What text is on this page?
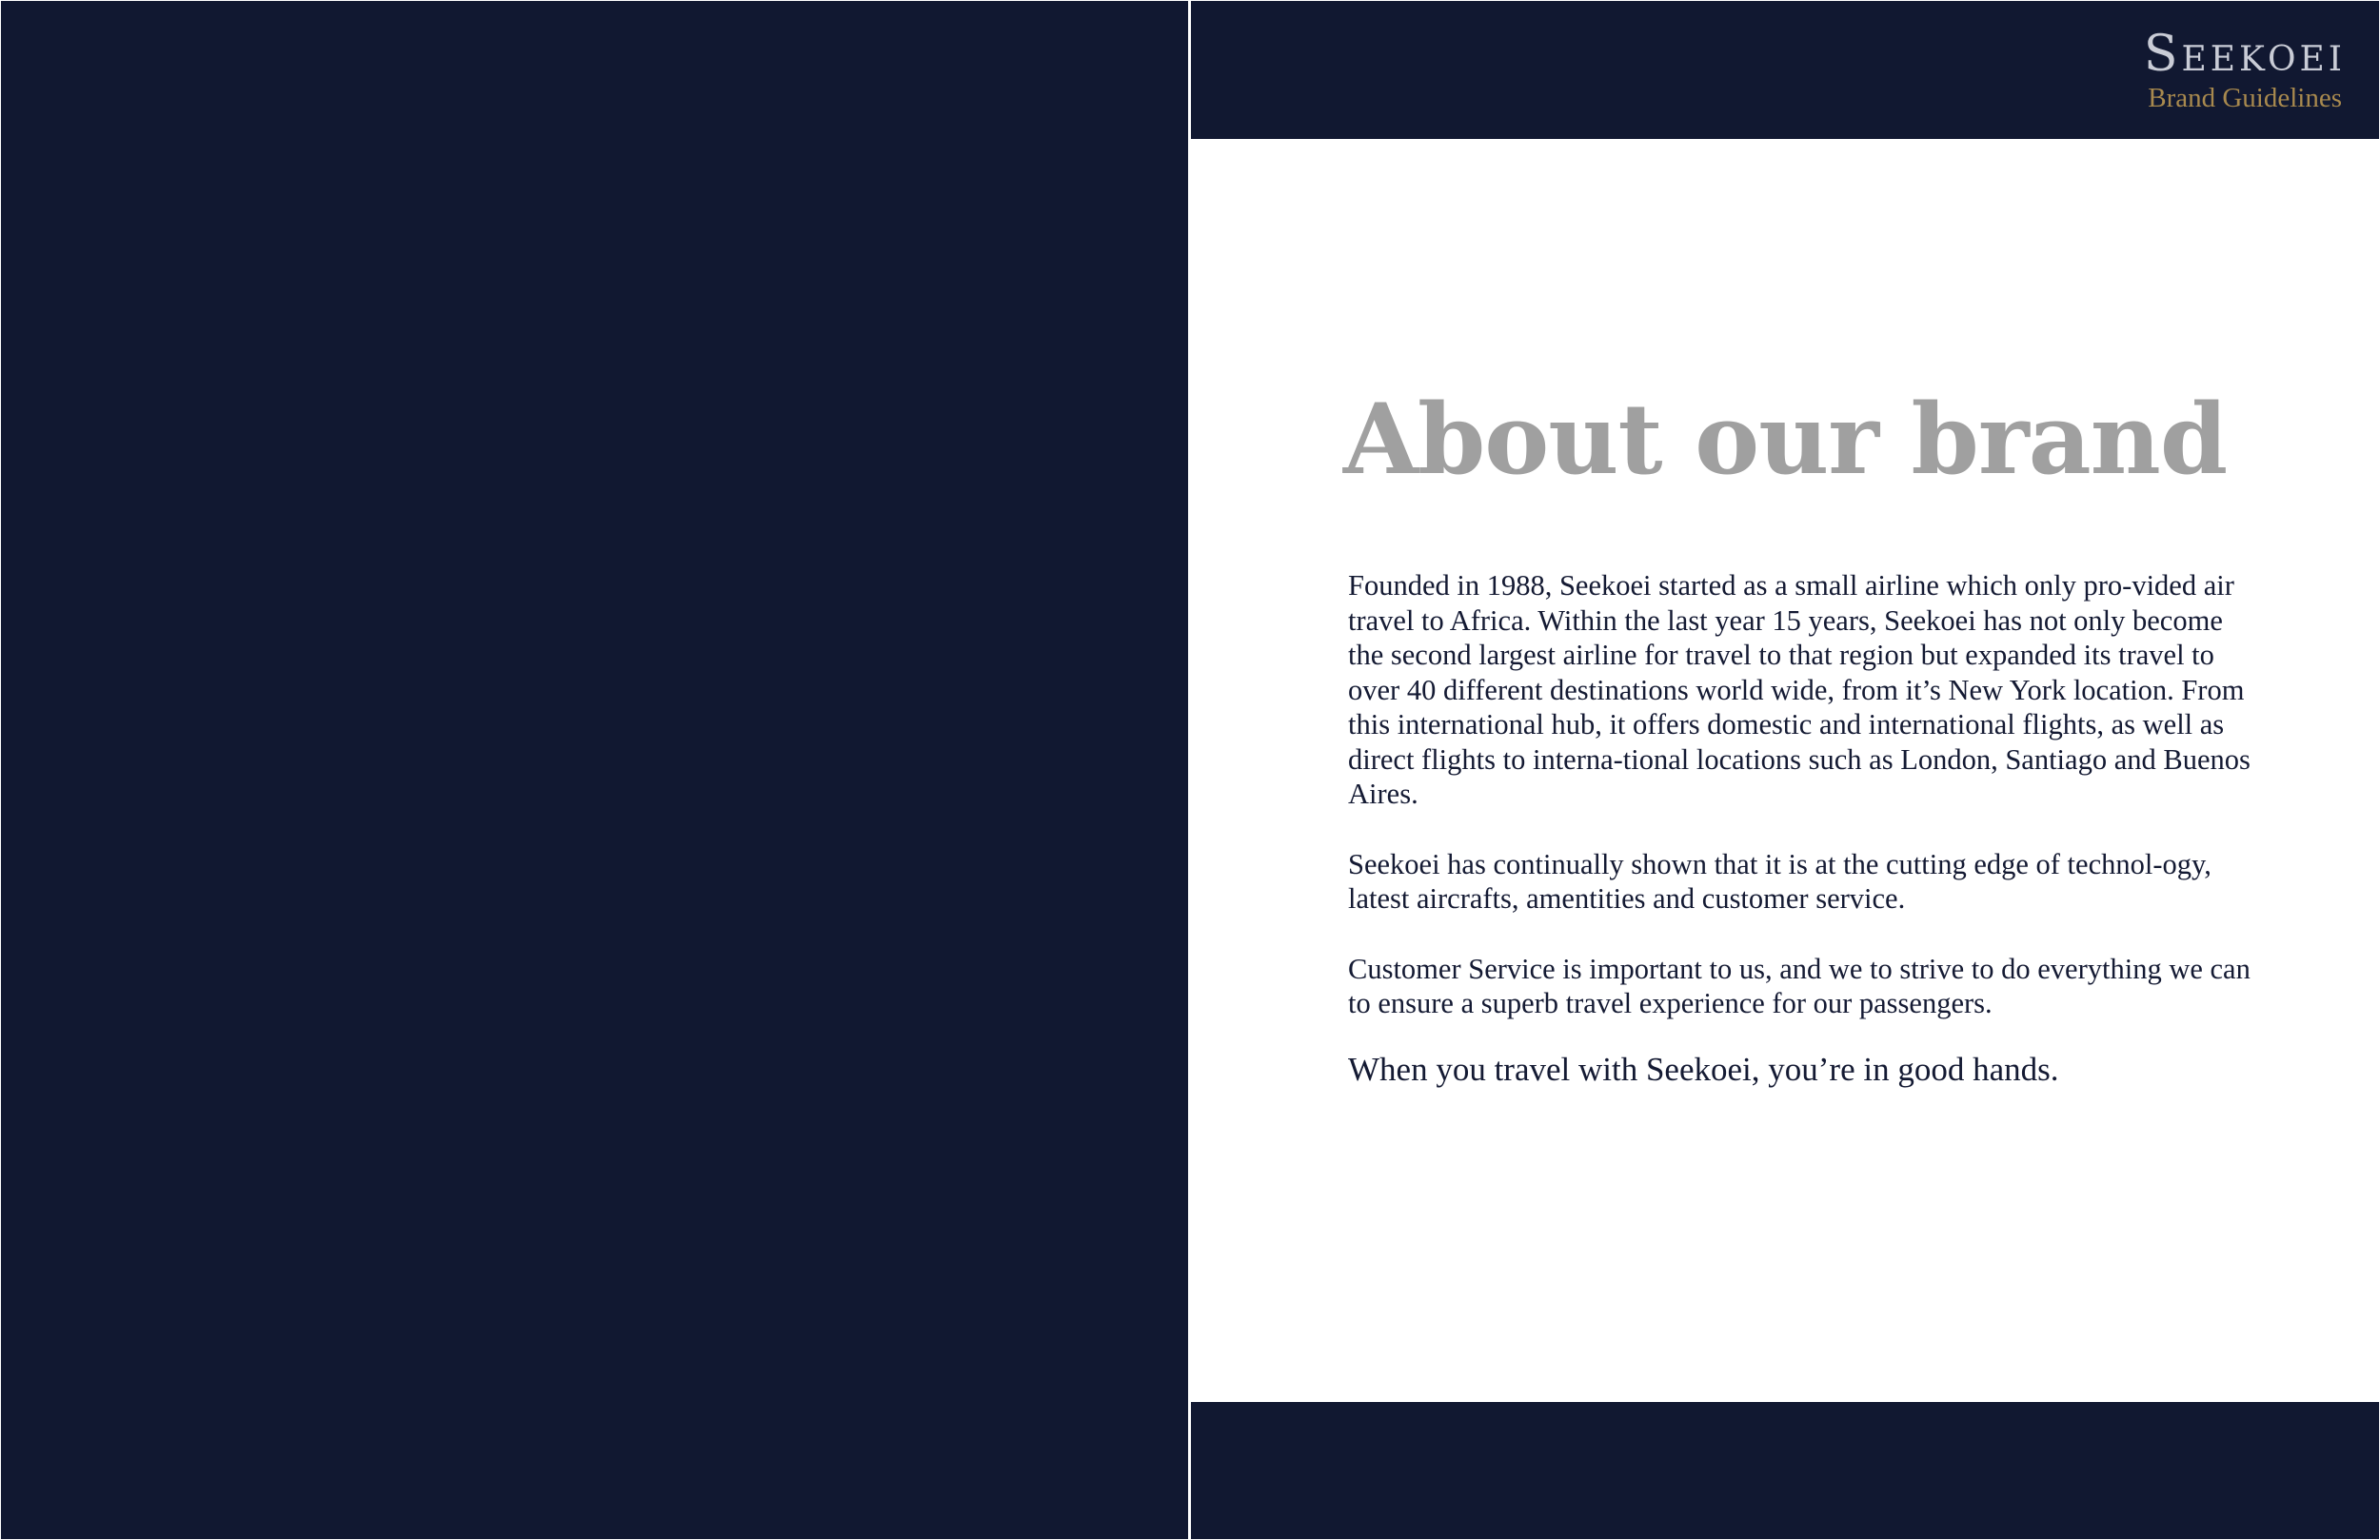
Seekoei
Brand Guidelines
About our brand

Founded in 1988, Seekoei started as a small airline which only pro-vided air travel to Africa. Within the last year 15 years, Seekoei has not only become the second largest airline for travel to that region but expanded its travel to over 40 different destinations world wide, from it’s New York location. From this international hub, it offers domestic and international flights, as well as direct flights to interna-tional locations such as London, Santiago and Buenos Aires.

Seekoei has continually shown that it is at the cutting edge of technol-ogy, latest aircrafts, amentities and customer service.

Customer Service is important to us, and we to strive to do everything we can to ensure a superb travel experience for our passengers.

When you travel with Seekoei, you’re in good hands.
